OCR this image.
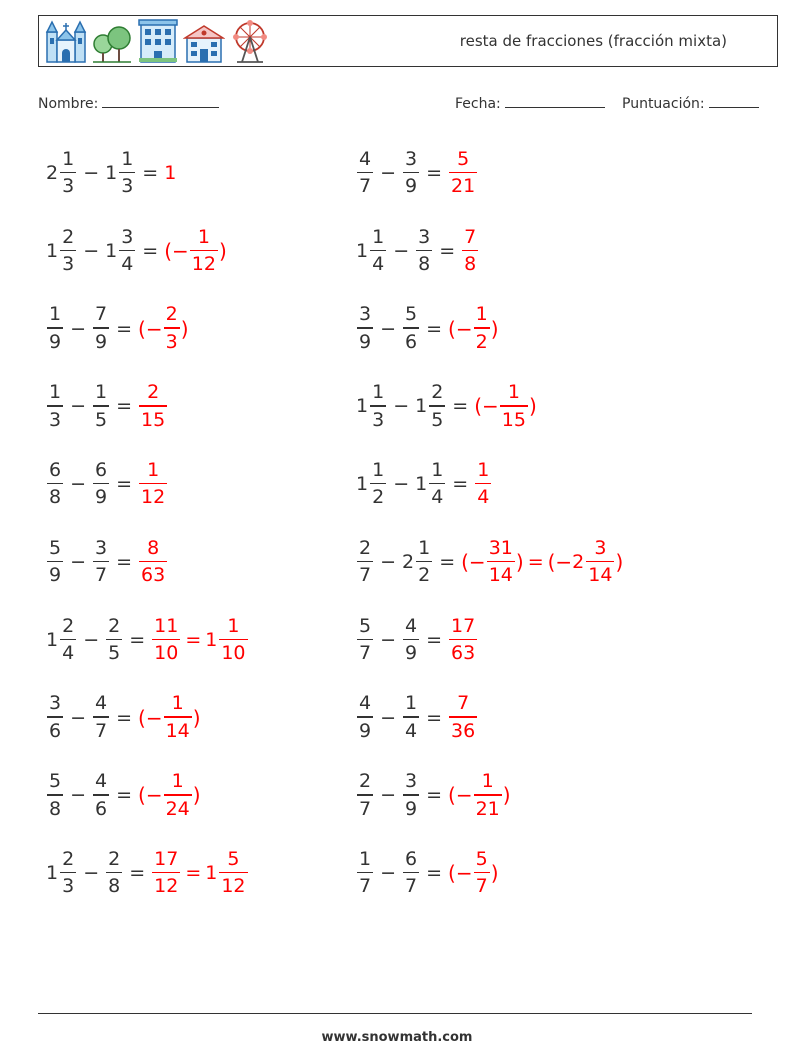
resta de fracciones (fracción mixta)
Nombre:	Fecha:	Puntuación:
$2 \frac{1}{3} - 1 \frac{1}{3} = 1$	$\frac{4}{7} - \frac{3}{9} = \frac{5}{21}$
$1 \frac{2}{3} - 1 \frac{3}{4}$ = (− $\frac{1}{12}$ )	$1 \frac{1}{4} - \frac{3}{8} = \frac{7}{8}$
$\frac{1}{9} - \frac{7}{9}$ = (− $\frac{2}{3}$ )	$\frac{3}{9} - \frac{5}{6}$ = (− $\frac{1}{2}$ )
$\frac{1}{3} - \frac{1}{5} = \frac{2}{15}$	$1 \frac{1}{3} - 1 \frac{2}{5}$ = (− $\frac{1}{15}$ )
$\frac{6}{8} - \frac{6}{9} = \frac{1}{12}$	$1 \frac{1}{2} - 1 \frac{1}{4} = \frac{1}{4}$
$\frac{5}{9} - \frac{3}{7} = \frac{8}{63}$	$\frac{2}{7} - 2 \frac{1}{2}$ = (− $\frac{31}{14}$ ) = (− $2 \frac{3}{14}$ )
$1 \frac{2}{4} - \frac{2}{5} = \frac{11}{10} = 1 \frac{1}{10}$	$\frac{5}{7} - \frac{4}{9} = \frac{17}{63}$
$\frac{3}{6} - \frac{4}{7}$ = (− $\frac{1}{14}$ )	$\frac{4}{9} - \frac{1}{4} = \frac{7}{36}$
$\frac{5}{8} - \frac{4}{6}$ = (− $\frac{1}{24}$ )	$\frac{2}{7} - \frac{3}{9}$ = (− $\frac{1}{21}$ )
$1 \frac{2}{3} - \frac{2}{8} = \frac{17}{12} = 1 \frac{5}{12}$	$\frac{1}{7} - \frac{6}{7}$ = (− $\frac{5}{7}$ )
www.snowmath.com
